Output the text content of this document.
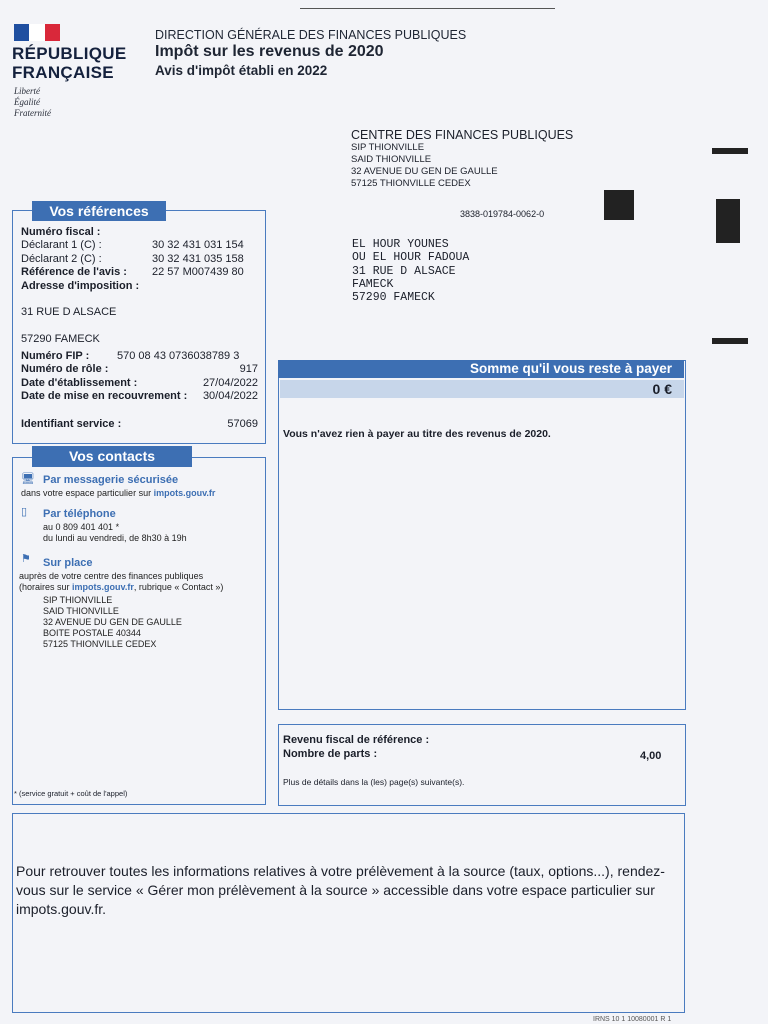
RÉPUBLIQUE
FRANÇAISE
Liberté
Égalité
Fraternité
DIRECTION GÉNÉRALE DES FINANCES PUBLIQUES
Impôt sur les revenus de 2020
Avis d'impôt établi en 2022
CENTRE DES FINANCES PUBLIQUES
SIP THIONVILLE
SAID THIONVILLE
32 AVENUE DU GEN DE GAULLE
57125 THIONVILLE CEDEX
3838-019784-0062-0
EL HOUR YOUNES
OU EL HOUR FADOUA
31 RUE D ALSACE
FAMECK
57290 FAMECK
Vos références
Numéro fiscal :
Déclarant 1 (C) :	30 32 431 031 154
Déclarant 2 (C) :	30 32 431 035 158
Référence de l'avis : 22 57 M007439 80
Adresse d'imposition :
31 RUE D ALSACE
57290 FAMECK
Numéro FIP :	570 08 43 0736038789 3
Numéro de rôle :	917
Date d'établissement :	27/04/2022
Date de mise en recouvrement : 30/04/2022
Identifiant service :	57069
Vos contacts
🖥 Par messagerie sécurisée
dans votre espace particulier sur impots.gouv.fr
▯ Par téléphone
au 0 809 401 401 *
du lundi au vendredi, de 8h30 à 19h
⚑ Sur place
auprès de votre centre des finances publiques
(horaires sur impots.gouv.fr, rubrique « Contact »)
SIP THIONVILLE
SAID THIONVILLE
32 AVENUE DU GEN DE GAULLE
BOITE POSTALE 40344
57125 THIONVILLE CEDEX
* (service gratuit + coût de l'appel)
Somme qu'il vous reste à payer
0 €
Vous n'avez rien à payer au titre des revenus de 2020.
Revenu fiscal de référence :
Nombre de parts :	4,00
Plus de détails dans la (les) page(s) suivante(s).
Pour retrouver toutes les informations relatives à votre prélèvement à la source (taux, options...), rendez-vous sur le service « Gérer mon prélèvement à la source » accessible dans votre espace particulier sur impots.gouv.fr.
IRNS 10 1 10080001 R 1
